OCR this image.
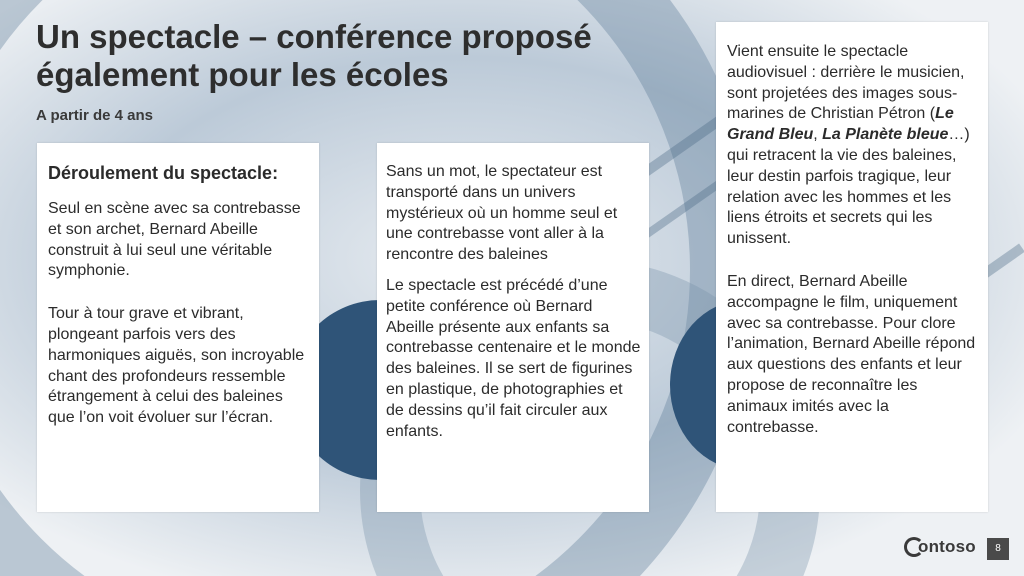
Un spectacle – conférence proposé également pour les écoles
A partir de 4 ans

Déroulement du spectacle:

Seul en scène avec sa contrebasse et son archet, Bernard Abeille construit à lui seul une véritable symphonie.

Tour à tour grave et vibrant, plongeant parfois vers des harmoniques aiguës, son incroyable chant des profondeurs ressemble étrangement à celui des baleines que l’on voit évoluer sur l’écran.

Sans un mot, le spectateur est transporté dans un univers mystérieux où un homme seul et une contrebasse vont aller à la rencontre des baleines

Le spectacle est précédé d’une petite conférence où Bernard Abeille présente aux enfants sa contrebasse centenaire et le monde des baleines. Il se sert de figurines en plastique, de photographies et de dessins qu’il fait circuler aux enfants.

Vient ensuite le spectacle audiovisuel : derrière le musicien, sont projetées des images sous-marines de Christian Pétron (Le Grand Bleu, La Planète bleue…) qui retracent la vie des baleines, leur destin parfois tragique, leur relation avec les hommes et les liens étroits et secrets qui les unissent.

En direct, Bernard Abeille accompagne le film, uniquement avec sa contrebasse. Pour clore l’animation, Bernard Abeille répond aux questions des enfants et leur propose de reconnaître les animaux imités avec la contrebasse.

ontoso	8
